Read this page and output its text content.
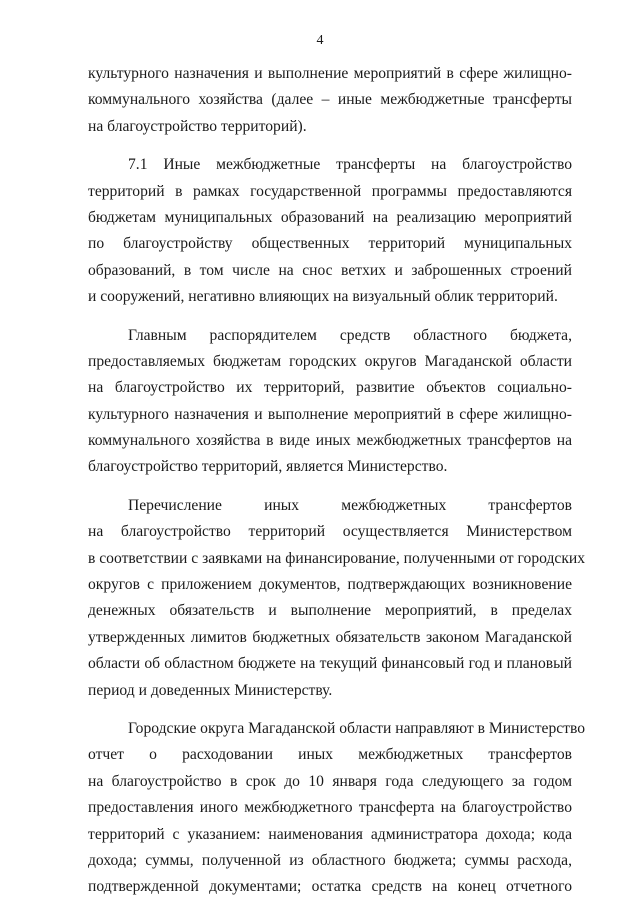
4
культурного назначения и выполнение мероприятий в сфере жилищно-
коммунального хозяйства (далее – иные межбюджетные трансферты
на благоустройство территорий).
7.1 Иные межбюджетные трансферты на благоустройство
территорий в рамках государственной программы предоставляются
бюджетам муниципальных образований на реализацию мероприятий
по благоустройству общественных территорий муниципальных
образований, в том числе на снос ветхих и заброшенных строений
и сооружений, негативно влияющих на визуальный облик территорий.
Главным распорядителем средств областного бюджета,
предоставляемых бюджетам городских округов Магаданской области
на благоустройство их территорий, развитие объектов социально-
культурного назначения и выполнение мероприятий в сфере жилищно-
коммунального хозяйства в виде иных межбюджетных трансфертов на
благоустройство территорий, является Министерство.
Перечисление иных межбюджетных трансфертов
на благоустройство территорий осуществляется Министерством
в соответствии с заявками на финансирование, полученными от городских
округов с приложением документов, подтверждающих возникновение
денежных обязательств и выполнение мероприятий, в пределах
утвержденных лимитов бюджетных обязательств законом Магаданской
области об областном бюджете на текущий финансовый год и плановый
период и доведенных Министерству.
Городские округа Магаданской области направляют в Министерство
отчет о расходовании иных межбюджетных трансфертов
на благоустройство в срок до 10 января года следующего за годом
предоставления иного межбюджетного трансферта на благоустройство
территорий с указанием: наименования администратора дохода; кода
дохода; суммы, полученной из областного бюджета; суммы расхода,
подтвержденной документами; остатка средств на конец отчетного
